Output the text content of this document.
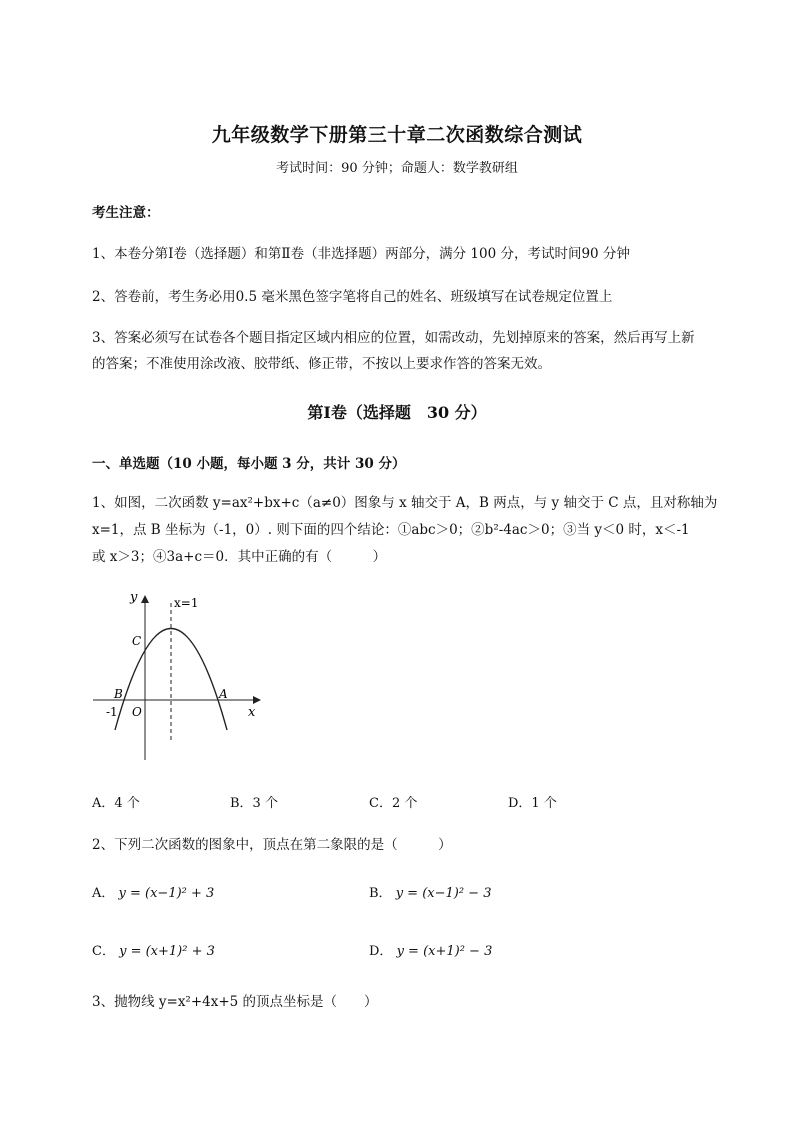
九年级数学下册第三十章二次函数综合测试
考试时间：90 分钟；命题人：数学教研组
考生注意：
1、本卷分第Ⅰ卷（选择题）和第Ⅱ卷（非选择题）两部分，满分 100 分，考试时间90 分钟
2、答卷前，考生务必用0.5 毫米黑色签字笔将自己的姓名、班级填写在试卷规定位置上
3、答案必须写在试卷各个题目指定区域内相应的位置，如需改动，先划掉原来的答案，然后再写上新
的答案；不准使用涂改液、胶带纸、修正带，不按以上要求作答的答案无效。
第Ⅰ卷（选择题　30 分）
一、单选题（10 小题，每小题 3 分，共计 30 分）
1、如图，二次函数 y=ax²+bx+c（a≠0）图象与 x 轴交于 A，B 两点，与 y 轴交于 C 点，且对称轴为
x=1，点 B 坐标为（-1，0）. 则下面的四个结论：①abc＞0；②b²-4ac＞0；③当 y＜0 时，x＜-1
或 x＞3；④3a+c＝0．其中正确的有（　　　）
y
x
x=1
C
B	A
O
-1
A．4 个	B．3 个	C．2 个	D．1 个
2、下列二次函数的图象中，顶点在第二象限的是（　　　）
A． y = (x−1)² + 3	B． y = (x−1)² − 3
C． y = (x+1)² + 3	D． y = (x+1)² − 3
3、抛物线 y=x²+4x+5 的顶点坐标是（　　）
